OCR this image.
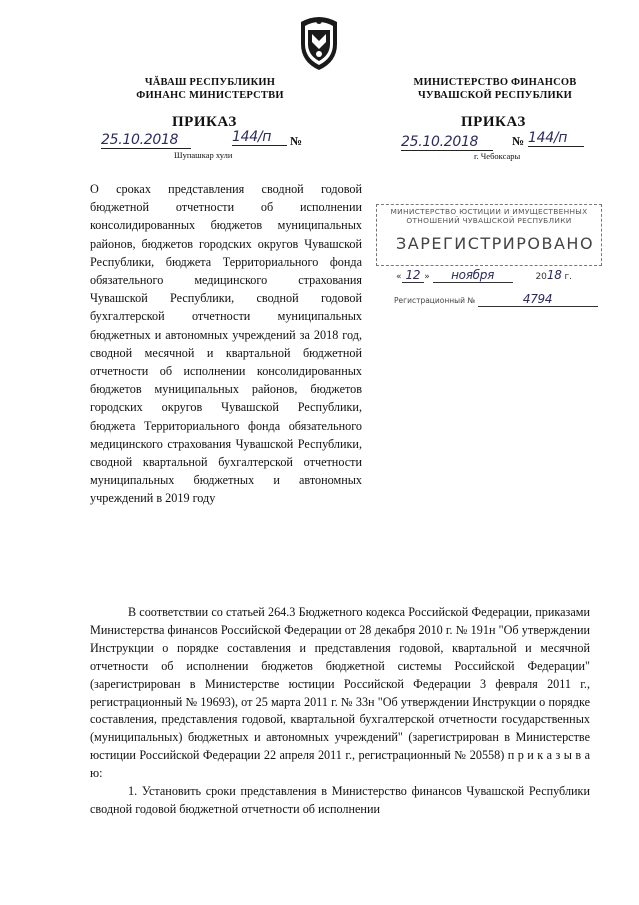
ЧĂВАШ РЕСПУБЛИКИН
ФИНАНС МИНИСТЕРСТВИ
ПРИКАЗ
25.10.2018	144/п	№
Шупашкар хули
МИНИСТЕРСТВО ФИНАНСОВ
ЧУВАШСКОЙ РЕСПУБЛИКИ
ПРИКАЗ
25.10.2018	№ 144/п
г. Чебоксары
МИНИСТЕРСТВО ЮСТИЦИИ И ИМУЩЕСТВЕННЫХ ОТНОШЕНИЙ ЧУВАШСКОЙ РЕСПУБЛИКИ
ЗАРЕГИСТРИРОВАНО
« 12 » ноября	2018 г.
Регистрационный №	4794
О сроках представления сводной годовой бюджетной отчетности об исполнении консолидированных бюджетов муниципальных районов, бюджетов городских округов Чувашской Республики, бюджета Территориального фонда обязательного медицинского страхования Чувашской Республики, сводной годовой бухгалтерской отчетности муниципальных бюджетных и автономных учреждений за 2018 год, сводной месячной и квартальной бюджетной отчетности об исполнении консолидированных бюджетов муниципальных районов, бюджетов городских округов Чувашской Республики, бюджета Территориального фонда обязательного медицинского страхования Чувашской Республики, сводной квартальной бухгалтерской отчетности муниципальных бюджетных и автономных учреждений в 2019 году

В соответствии со статьей 264.3 Бюджетного кодекса Российской Федерации, приказами Министерства финансов Российской Федерации от 28 декабря 2010 г. № 191н "Об утверждении Инструкции о порядке составления и представления годовой, квартальной и месячной отчетности об исполнении бюджетов бюджетной системы Российской Федерации" (зарегистрирован в Министерстве юстиции Российской Федерации 3 февраля 2011 г., регистрационный № 19693), от 25 марта 2011 г. № 33н "Об утверждении Инструкции о порядке составления, представления годовой, квартальной бухгалтерской отчетности государственных (муниципальных) бюджетных и автономных учреждений" (зарегистрирован в Министерстве юстиции Российской Федерации 22 апреля 2011 г., регистрационный № 20558) п р и к а з ы в а ю:

1. Установить сроки представления в Министерство финансов Чувашской Республики сводной годовой бюджетной отчетности об исполнении
